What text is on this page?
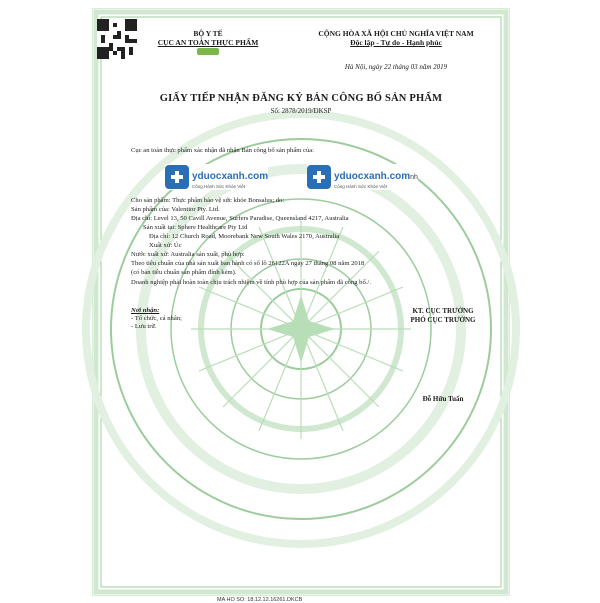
BỘ Y TẾ
CỤC AN TOÀN THỰC PHẨM
CỘNG HÒA XÃ HỘI CHỦ NGHĨA VIỆT NAM
Độc lập - Tự do - Hạnh phúc
Hà Nội, ngày 22 tháng 03 năm 2019
GIẤY TIẾP NHẬN ĐĂNG KÝ BẢN CÔNG BỐ SẢN PHẨM
Số: 2878/2019/ĐKSP
Cục an toàn thực phẩm xác nhận đã nhận Bản công bố sản phẩm của:
Cho sản phẩm: Thực phẩm bảo vệ sức khỏe Bonsalus; do:
Sản phẩm của: Valentior Pty. Ltd.
Địa chỉ: Level 13, 50 Cavill Avenue, Surfers Paradise, Queensland 4217, Australia
Sản xuất tại: Sphere Healthcare Pty Ltd
Địa chỉ: 12 Church Road, Moorebank New South Wales 2170, Australia
Xuất xứ: Úc
Nước xuất xứ: Australia sản xuất, phù hợp:
Theo tiêu chuẩn của nhà sản xuất ban hành có số lô 26122A ngày 27 tháng 08 năm 2018
(có bản tiêu chuẩn sản phẩm đính kèm).
Doanh nghiệp phải hoàn toàn chịu trách nhiệm về tính phù hợp của sản phẩm đã công bố./.
yduocxanh.com
Công Hành Sức Khỏe Việt
yduocxanh.comnh
Công Hành Sức Khỏe Việt
Nơi nhận:
- Tổ chức, cá nhân;
- Lưu trữ.
KT. CỤC TRƯỞNG
PHÓ CỤC TRƯỞNG
Đỗ Hữu Tuấn
MA HO SO: 18.12.12.16261.DKCB
